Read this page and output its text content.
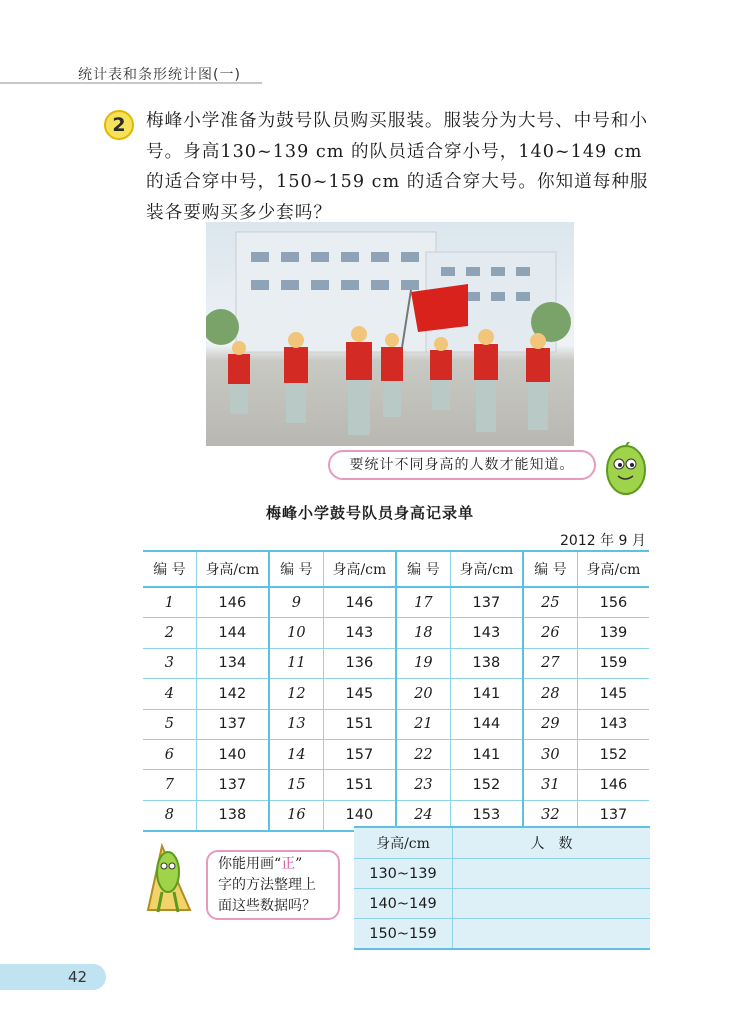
统计表和条形统计图(一)
2	梅峰小学准备为鼓号队员购买服装。服装分为大号、中号和小号。身高130~139 cm 的队员适合穿小号，140~149 cm 的适合穿中号，150~159 cm 的适合穿大号。你知道每种服装各要购买多少套吗？
要统计不同身高的人数才能知道。
梅峰小学鼓号队员身高记录单
2012 年 9 月
编 号	身高/cm	编 号	身高/cm	编 号	身高/cm	编 号	身高/cm
1	146	9	146	17	137	25	156
2	144	10	143	18	143	26	139
3	134	11	136	19	138	27	159
4	142	12	145	20	141	28	145
5	137	13	151	21	144	29	143
6	140	14	157	22	141	30	152
7	137	15	151	23	152	31	146
8	138	16	140	24	153	32	137
你能用画“正”
字的方法整理上
面这些数据吗？
身高/cm	人　数
130~139	
140~149	
150~159	
42
